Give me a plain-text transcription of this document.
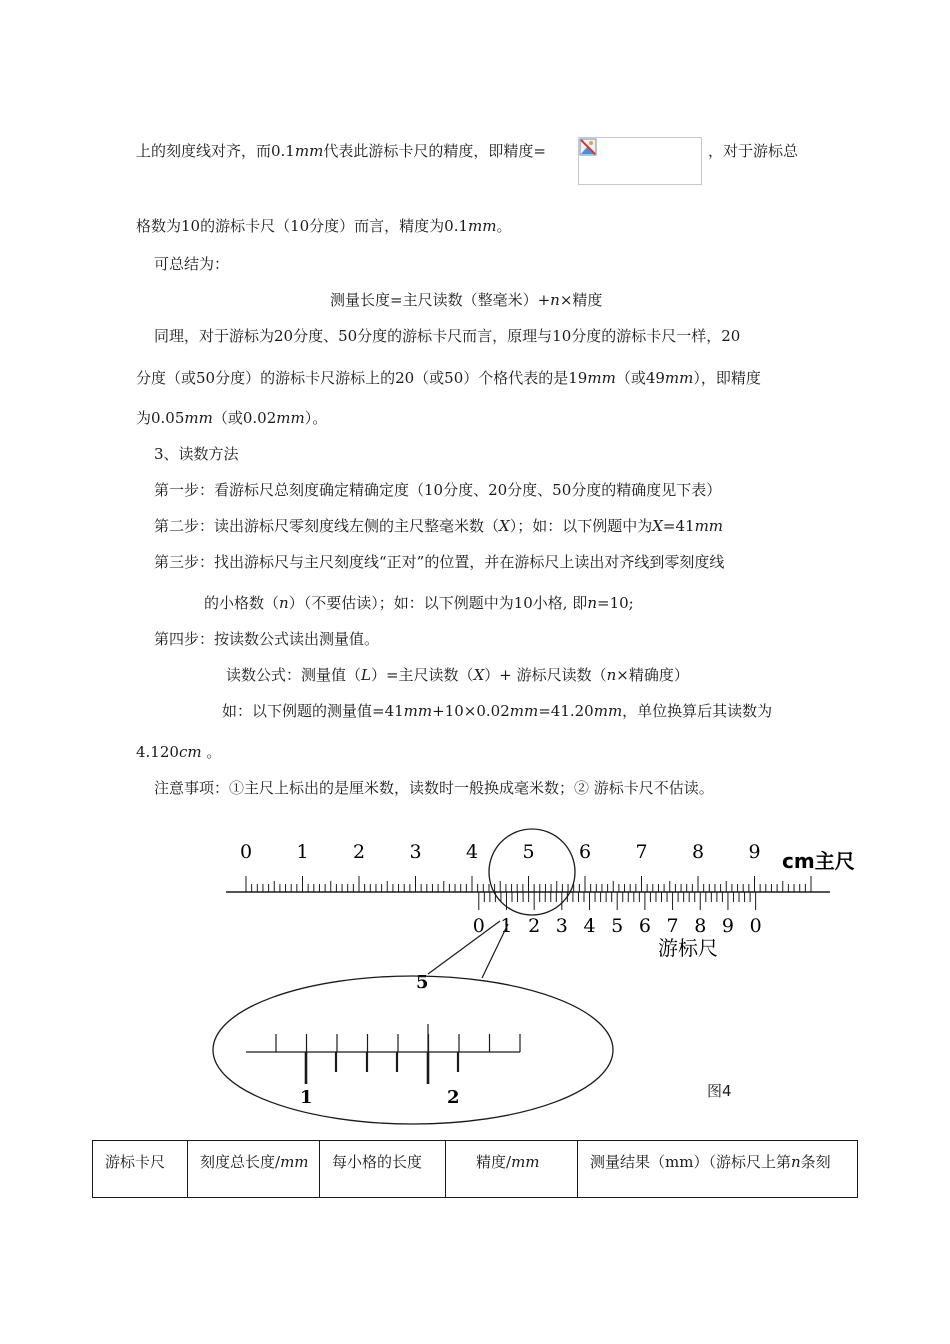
上的刻度线对齐，而0.1mm代表此游标卡尺的精度，即精度=	，对于游标总
格数为10的游标卡尺（10分度）而言，精度为0.1mm。
可总结为：
测量长度=主尺读数（整毫米）+n×精度
同理，对于游标为20分度、50分度的游标卡尺而言，原理与10分度的游标卡尺一样，20
分度（或50分度）的游标卡尺游标上的20（或50）个格代表的是19mm（或49mm），即精度
为0.05mm（或0.02mm）。
3、读数方法
第一步：看游标尺总刻度确定精确定度（10分度、20分度、50分度的精确度见下表）
第二步：读出游标尺零刻度线左侧的主尺整毫米数（X）；如：以下例题中为X=41mm
第三步：找出游标尺与主尺刻度线“正对”的位置，并在游标尺上读出对齐线到零刻度线
的小格数（n）（不要估读）；如：以下例题中为10小格, 即n=10;
第四步：按读数公式读出测量值。
读数公式：测量值（L）=主尺读数（X）+ 游标尺读数（n×精确度）
如：以下例题的测量值=41mm+10×0.02mm=41.20mm，单位换算后其读数为
4.120cm 。
注意事项：①主尺上标出的是厘米数，读数时一般换成毫米数；② 游标卡尺不估读。
0 1 2 3 4 5 6 7 8 9 cm主尺
0 1 2 3 4 5 6 7 8 9 0
游标尺
5
1	2	图4
游标卡尺	刻度总长度/mm	每小格的长度	精度/mm	测量结果（mm）（游标尺上第n条刻
